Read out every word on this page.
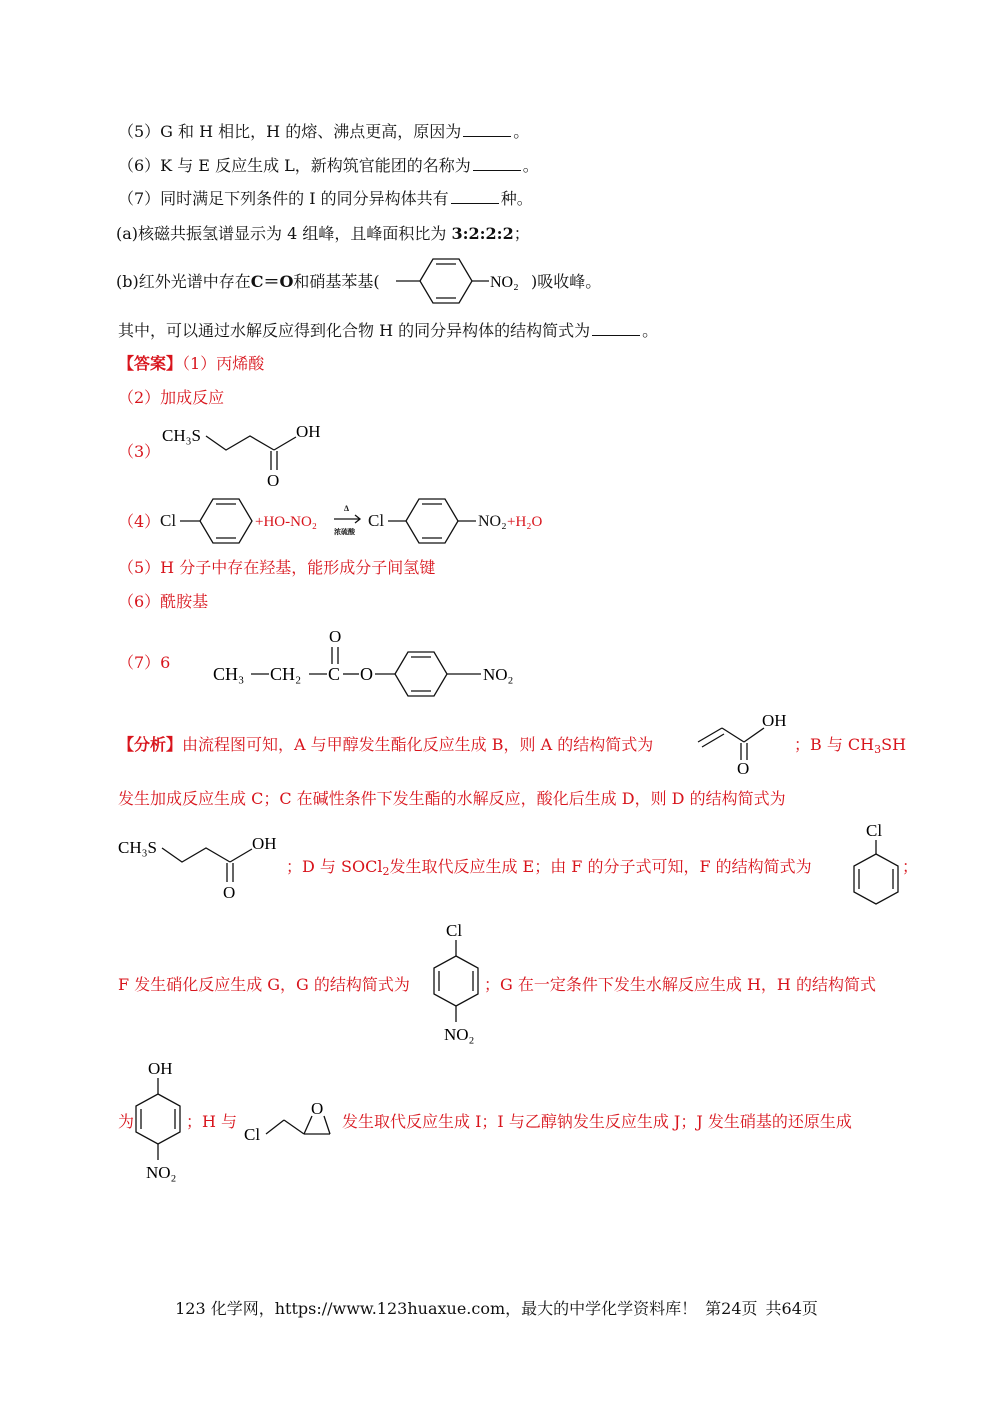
（5）G 和 H 相比，H 的熔、沸点更高，原因为	。
（6）K 与 E 反应生成 L，新构筑官能团的名称为	。
（7）同时满足下列条件的 I 的同分异构体共有	种。
(a)核磁共振氢谱显示为 4 组峰，且峰面积比为 3:2:2:2；
(b)红外光谱中存在C＝O和硝基苯基(	NO₂ )吸收峰。
其中，可以通过水解反应得到化合物 H 的同分异构体的结构简式为	。
【答案】（1）丙烯酸
（2）加成反应
（3）
CH₃S
O
OH
（4） Cl	+HO-NO₂
Δ
浓硫酸
Cl	NO₂ +H₂O
（5）H 分子中存在羟基，能形成分子间氢键
（6）酰胺基
（7）6
O
CH₃ CH₂ C O	NO₂
【分析】由流程图可知，A 与甲醇发生酯化反应生成 B，则 A 的结构简式为
O
OH
；B 与 $CH_3SH$
发生加成反应生成 C；C 在碱性条件下发生酯的水解反应，酸化后生成 D，则 D 的结构简式为
CH₃S
O
OH
；D 与 SOCl$_2$发生取代反应生成 E；由 F 的分子式可知，F 的结构简式为
Cl
；
F 发生硝化反应生成 G，G 的结构简式为
Cl
NO₂
；G 在一定条件下发生水解反应生成 H，H 的结构简式
为
OH
NO₂
；H 与
Cl
O
发生取代反应生成 I；I 与乙醇钠发生反应生成 J；J 发生硝基的还原生成
123 化学网，https://www.123huaxue.com，最大的中学化学资料库！ 第24页 共64页
